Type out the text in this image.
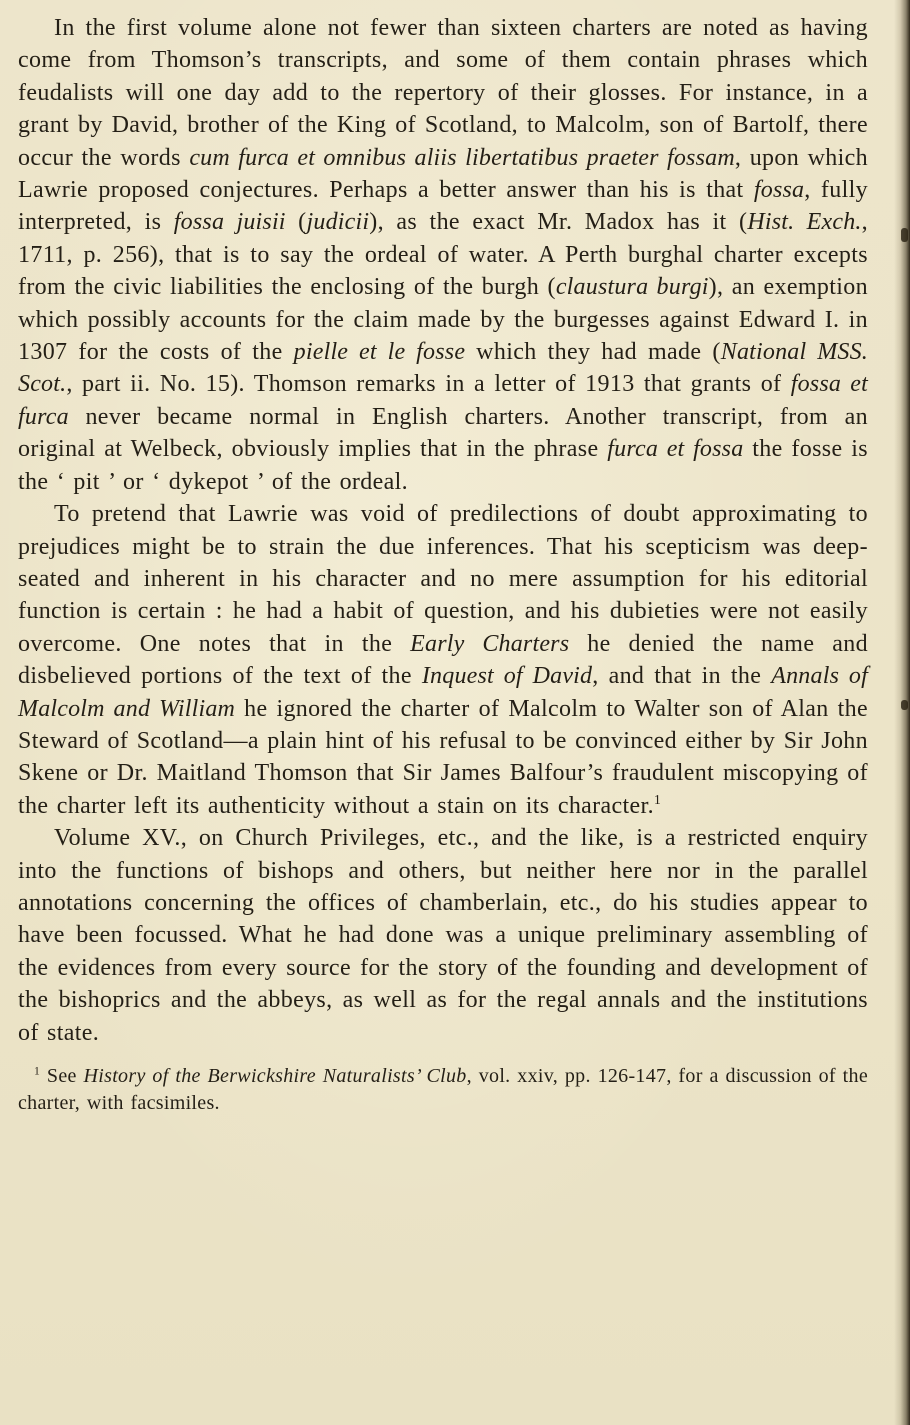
In the first volume alone not fewer than sixteen charters are noted as having come from Thomson’s transcripts, and some of them contain phrases which feudalists will one day add to the repertory of their glosses. For instance, in a grant by David, brother of the King of Scotland, to Malcolm, son of Bartolf, there occur the words cum furca et omnibus aliis libertatibus praeter fossam, upon which Lawrie proposed conjectures. Perhaps a better answer than his is that fossa, fully interpreted, is fossa juisii (judicii), as the exact Mr. Madox has it (Hist. Exch., 1711, p. 256), that is to say the ordeal of water. A Perth burghal charter excepts from the civic liabilities the enclosing of the burgh (claustura burgi), an exemption which possibly accounts for the claim made by the burgesses against Edward I. in 1307 for the costs of the pielle et le fosse which they had made (National MSS. Scot., part ii. No. 15). Thomson remarks in a letter of 1913 that grants of fossa et furca never became normal in English charters. Another transcript, from an original at Welbeck, obviously implies that in the phrase furca et fossa the fosse is the ‘ pit ’ or ‘ dykepot ’ of the ordeal.

To pretend that Lawrie was void of predilections of doubt approximating to prejudices might be to strain the due inferences. That his scepticism was deep-seated and inherent in his character and no mere assumption for his editorial function is certain : he had a habit of question, and his dubieties were not easily overcome. One notes that in the Early Charters he denied the name and disbelieved portions of the text of the Inquest of David, and that in the Annals of Malcolm and William he ignored the charter of Malcolm to Walter son of Alan the Steward of Scotland—a plain hint of his refusal to be convinced either by Sir John Skene or Dr. Maitland Thomson that Sir James Balfour’s fraudulent miscopying of the charter left its authenticity without a stain on its character.$^1$

Volume XV., on Church Privileges, etc., and the like, is a restricted enquiry into the functions of bishops and others, but neither here nor in the parallel annotations concerning the offices of chamberlain, etc., do his studies appear to have been focussed. What he had done was a unique preliminary assembling of the evidences from every source for the story of the founding and development of the bishoprics and the abbeys, as well as for the regal annals and the institutions of state.

$^1$ See History of the Berwickshire Naturalists’ Club, vol. xxiv, pp. 126-147, for a discussion of the charter, with facsimiles.
